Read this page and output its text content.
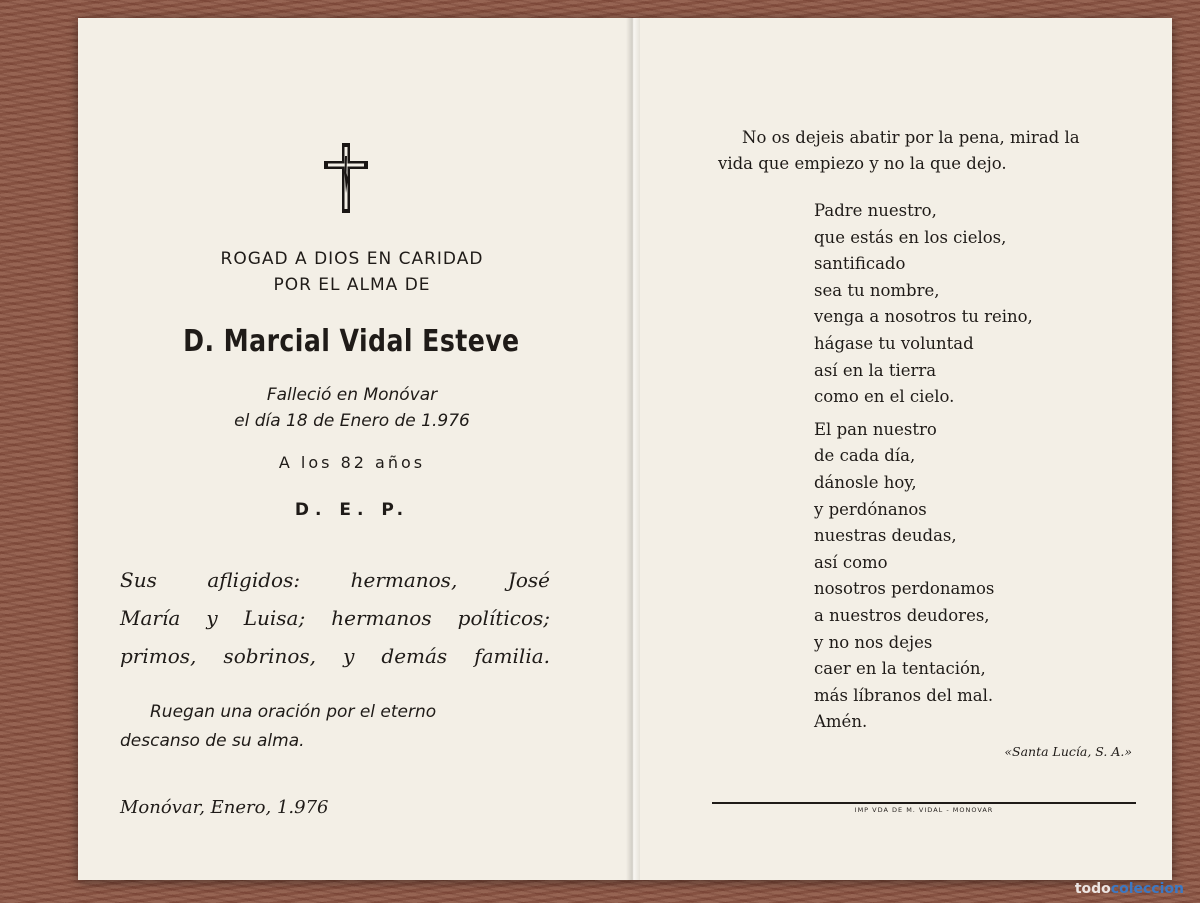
ROGAD A DIOS EN CARIDAD
POR EL ALMA DE
D. Marcial Vidal Esteve
Falleció en Monóvar
el día 18 de Enero de 1.976
A los 82 años
D. E. P.
Sus afligidos: hermanos, José
María y Luisa; hermanos políticos;
primos, sobrinos, y demás familia.
Ruegan una oración por el eterno
descanso de su alma.
Monóvar, Enero, 1.976
No os dejeis abatir por la pena, mirad la
vida que empiezo y no la que dejo.
Padre nuestro,
que estás en los cielos,
santificado
sea tu nombre,
venga a nosotros tu reino,
hágase tu voluntad
así en la tierra
como en el cielo.
El pan nuestro
de cada día,
dánosle hoy,
y perdónanos
nuestras deudas,
así como
nosotros perdonamos
a nuestros deudores,
y no nos dejes
caer en la tentación,
más líbranos del mal.
Amén.
«Santa Lucía, S. A.»
IMP VDA DE M. VIDAL - MONOVAR
todocoleccion
